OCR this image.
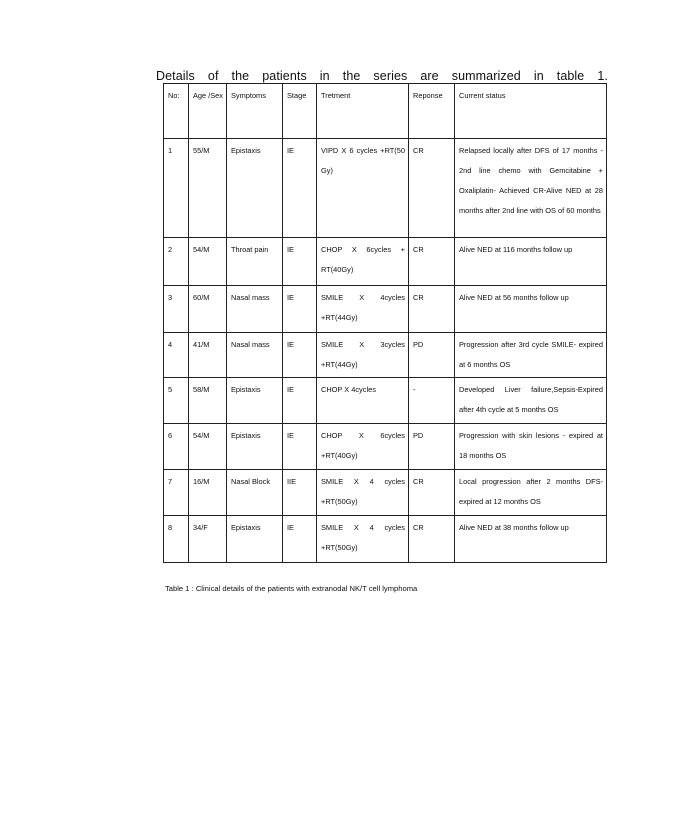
Details of the patients in the series are summarized in table 1.
No:	Age /Sex	Symptoms	Stage	Tretment	Reponse	Current status
1	55/M	Epistaxis	IE	VIPD X 6 cycles +RT(50 Gy)	CR	Relapsed locally after DFS of 17 months - 2nd line chemo with Gemcitabine + Oxaliplatin- Achieved CR-Alive NED at 28 months after 2nd line with OS of 60 months
2	54/M	Throat pain	IE	CHOP X 6cycles + RT(40Gy)	CR	Alive NED at 116 months follow up
3	60/M	Nasal mass	IE	SMILE X 4cycles +RT(44Gy)	CR	Alive NED at 56 months follow up
4	41/M	Nasal mass	IE	SMILE X 3cycles +RT(44Gy)	PD	Progression after 3rd cycle SMILE- expired at 6 months OS
5	58/M	Epistaxis	IE	CHOP X 4cycles	-	Developed Liver failure,Sepsis-Expired after 4th cycle at 5 months OS
6	54/M	Epistaxis	IE	CHOP X 6cycles +RT(40Gy)	PD	Progression with skin lesions - expired at 18 months OS
7	16/M	Nasal Block	IIE	SMILE X 4 cycles +RT(50Gy)	CR	Local progression after 2 months DFS- expired at 12 months OS
8	34/F	Epistaxis	IE	SMILE X 4 cycles +RT(50Gy)	CR	Alive NED at 38 months follow up
Table 1 : Clinical details of the patients with extranodal NK/T cell lymphoma
